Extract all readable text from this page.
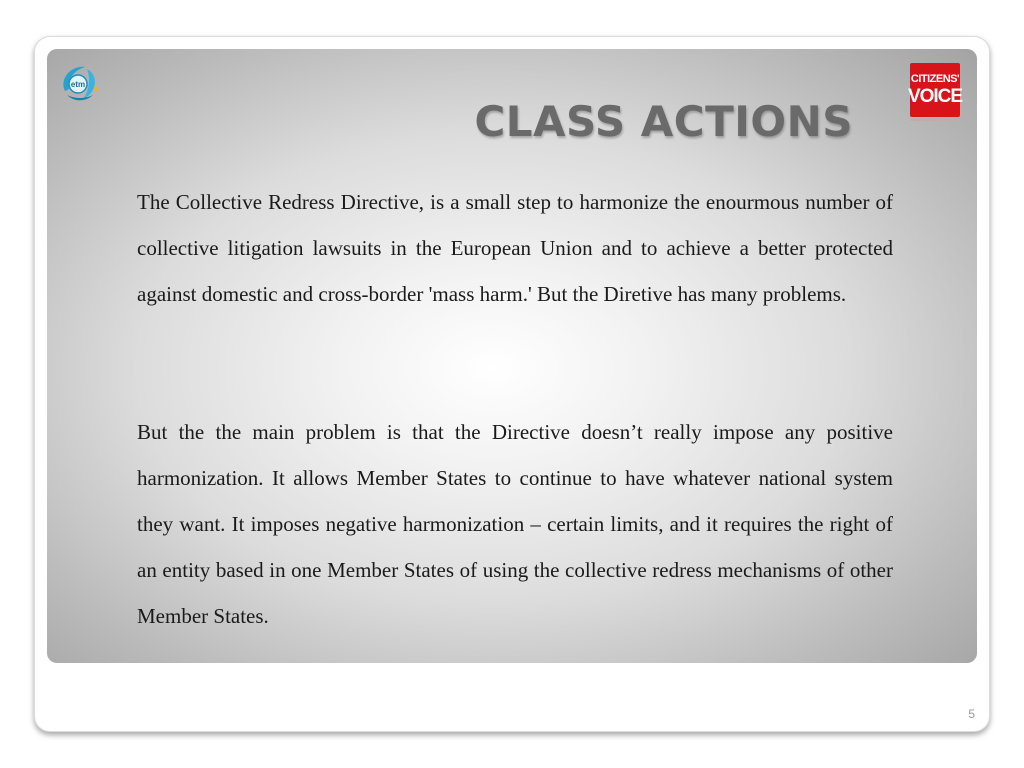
etm	CITIZENS'
VOICE
CLASS ACTIONS

The Collective Redress Directive, is a small step to harmonize the enourmous number of collective litigation lawsuits in the European Union and to achieve a better protected against domestic and cross-border 'mass harm.' But the Diretive has many problems.

But the the main problem is that the Directive doesn’t really impose any positive harmonization. It allows Member States to continue to have whatever national system they want. It imposes negative harmonization – certain limits, and it requires the right of an entity based in one Member States of using the collective redress mechanisms of other Member States.

5
